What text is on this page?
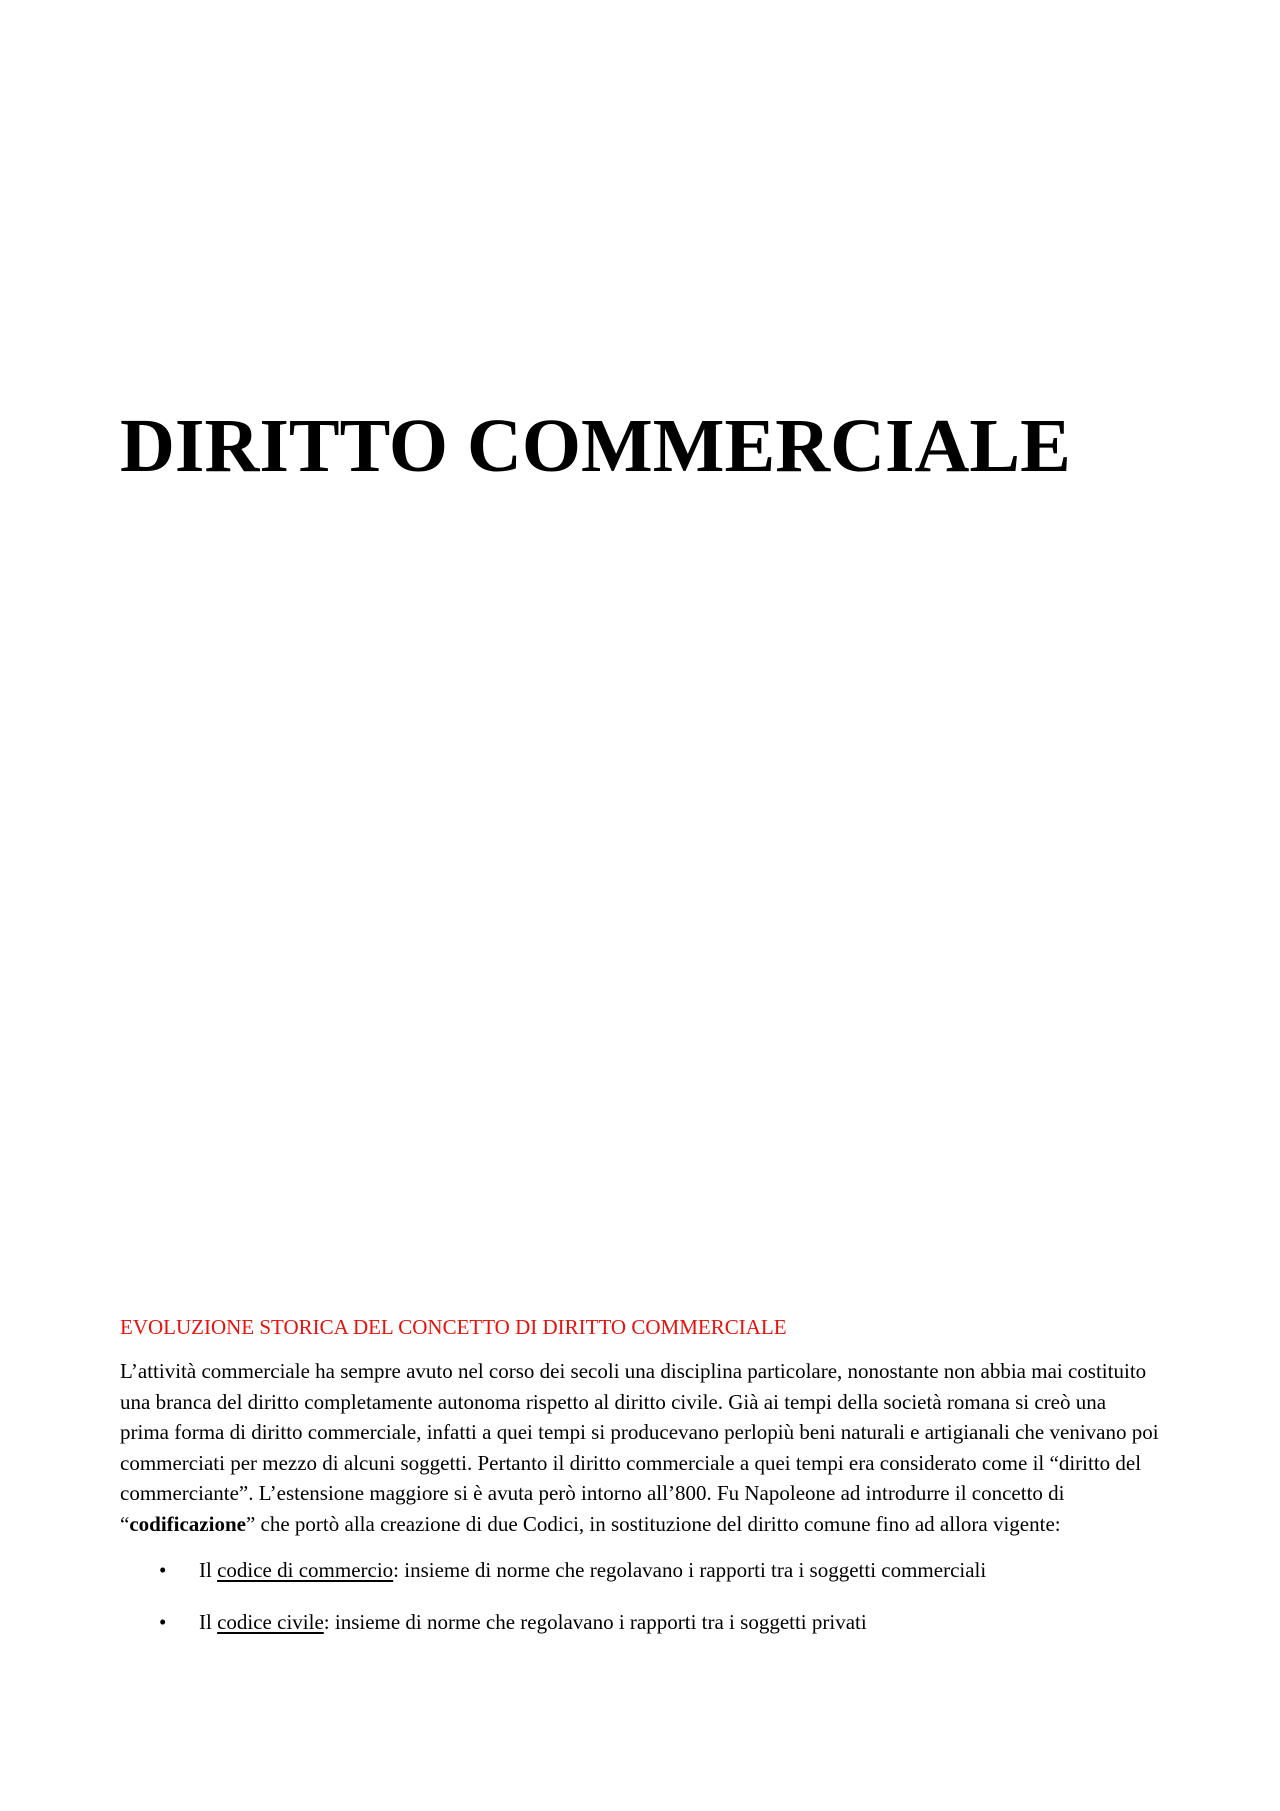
DIRITTO COMMERCIALE
EVOLUZIONE STORICA DEL CONCETTO DI DIRITTO COMMERCIALE

L’attività commerciale ha sempre avuto nel corso dei secoli una disciplina particolare, nonostante non abbia mai costituito una branca del diritto completamente autonoma rispetto al diritto civile. Già ai tempi della società romana si creò una prima forma di diritto commerciale, infatti a quei tempi si producevano perlopiù beni naturali e artigianali che venivano poi commerciati per mezzo di alcuni soggetti. Pertanto il diritto commerciale a quei tempi era considerato come il “diritto del commerciante”. L’estensione maggiore si è avuta però intorno all’800. Fu Napoleone ad introdurre il concetto di “codificazione” che portò alla creazione di due Codici, in sostituzione del diritto comune fino ad allora vigente:

• Il codice di commercio: insieme di norme che regolavano i rapporti tra i soggetti commerciali
• Il codice civile: insieme di norme che regolavano i rapporti tra i soggetti privati
